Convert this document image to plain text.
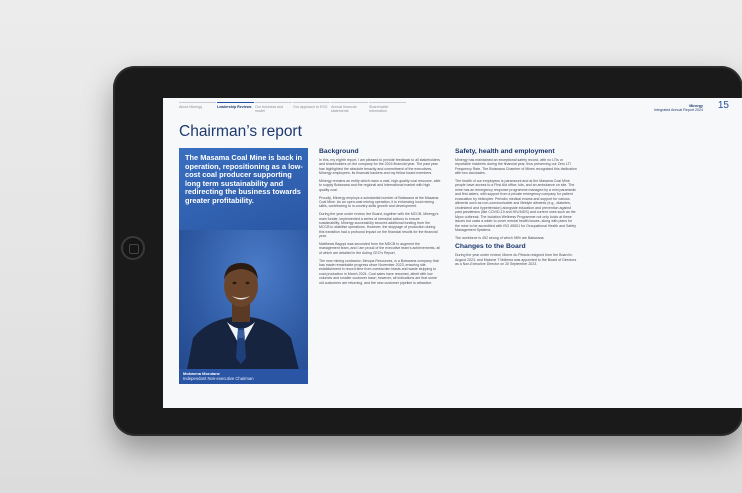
About Minergy	Leadership Reviews Our business and model
Our approach to ESG Annual financial statements
Shareholder information
Minergy
Integrated Annual Report 2024 15
Chairman’s report
The Masama Coal Mine is back in operation, repositioning as a low-cost coal producer supporting long term sustainability and redirecting the business towards greater profitability.
Mokwena Morulane
Independant Non-executive Chairman
Background

In this, my eighth report, I am pleased to provide feedback to all stakeholders and shareholders on the company for the 2024 financial year. The past year has highlighted the absolute tenacity and commitment of the executives, Minergy employees, its financial backers and my fellow board members.

Minergy remains an entity which owns a vast, high-quality coal resource, able to supply Botswana and the regional and international market with high quality coal.

Proudly, Minergy employs a substantial number of Batswana at the Masama Coal Mine. As an open-cast mining operation, it is enhancing local mining skills, contributing to in-country skills growth and development.

During the year under review, the Board, together with the MCCB, Minergy's main funder, implemented a series of remedial actions to ensure sustainability. Minergy successfully secured additional funding from the MCCB to stabilise operations. However, the stoppage of production during this transition had a profound impact on the financial results for the financial year.

Matthews Bagopi was seconded from the MDCB to augment the management team, and I am proud of the executive team's achievements, all of which are detailed in the Acting CEO's Report.

The new mining contractor, Mmopa Resources, is a Botswana company that has made remarkable progress since November 2023, ensuring site establishment in record time from overburden blasts and waste stripping to coal production in March 2024. Coal sales have resumed, albeit with low volumes and smaller customer base; however, all indications are that some old customers are returning, and the new customer pipeline is attractive.

Safety, health and employment

Minergy has maintained an exceptional safety record, with no LTIs or reportable incidents during the financial year, thus preserving our Zero LTI Frequency Rate. The Botswana Chamber of Mines recognised this dedication with two accolades.

The health of our employees is paramount and at the Masama Coal Mine people have access to a First Aid office, kits, and an ambulance on site. The mine has an emergency response programme managed by a mini paramedic and first aiders, with support from a private emergency company for patient evacuation by helicopter. Periodic medical exams and support for various ailments such as non-communicable and lifestyle ailments (e.g., diabetes, cholesterol and hypertension) alongside education and prevention against past pandemics (like COVID-19 and HIV/AIDS) and current ones such as the Mpox outbreak. The Isolation Wellness Programme not only looks at these issues but casts a wider to cover mental health issues, along with plans for the mine to be accredited with ISO 45001 for Occupational Health and Safety Management Systems.

The workforce is 452 strong of which 98% are Batswana.

Changes to the Board

During the year under review, Morne du Plessis resigned from the Board in August 2023, and Malome T Mdlema was appointed to the Board of Directors as a Non-Executive Director on 20 September 2023.
